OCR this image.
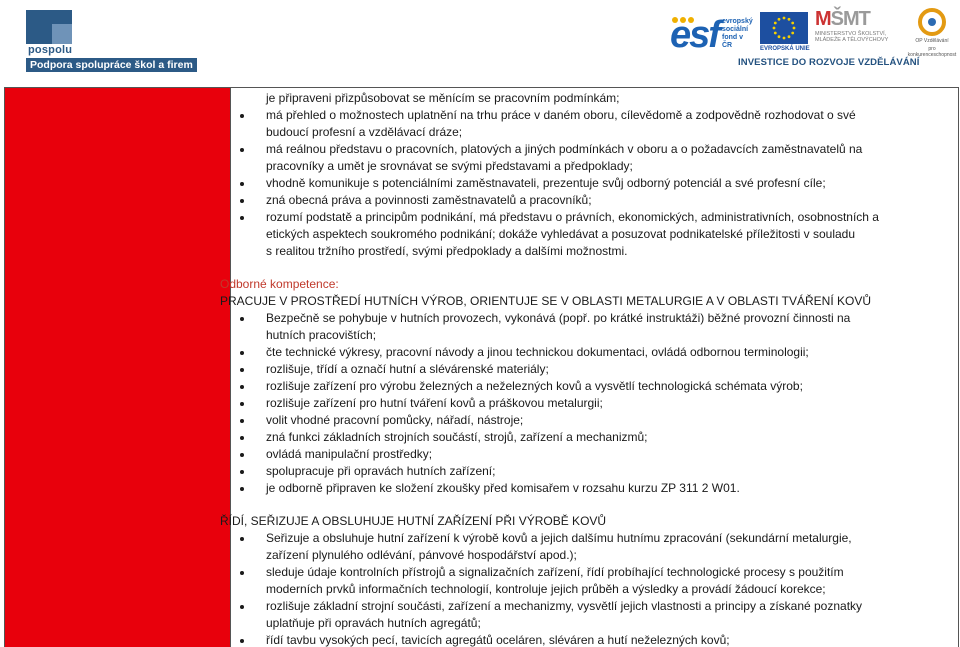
pospolu
Podpora spolupráce škol a firem
esf evropský
sociální
fond v ČR	EVROPSKÁ UNIE
MŠMT
MINISTERSTVO ŠKOLSTVÍ,
MLÁDEŽE A TĚLOVÝCHOVY	OP Vzdělávání
pro konkurenceschopnost
INVESTICE DO ROZVOJE VZDĚLÁVÁNÍ
je připraveni přizpůsobovat se měnícím se pracovním podmínkám;
má přehled o možnostech uplatnění na trhu práce v daném oboru, cílevědomě a zodpovědně rozhodovat o své
budoucí profesní a vzdělávací dráze;
má reálnou představu o pracovních, platových a jiných podmínkách v oboru a o požadavcích zaměstnavatelů na
pracovníky a umět je srovnávat se svými představami a předpoklady;
vhodně komunikuje s potenciálními zaměstnavateli, prezentuje svůj odborný potenciál a své profesní cíle;
zná obecná práva a povinnosti zaměstnavatelů a pracovníků;
rozumí podstatě a principům podnikání, má představu o právních, ekonomických, administrativních, osobnostních a
etických aspektech soukromého podnikání; dokáže vyhledávat a posuzovat podnikatelské příležitosti v souladu
s realitou tržního prostředí, svými předpoklady a dalšími možnostmi.
Odborné kompetence:
PRACUJE V PROSTŘEDÍ HUTNÍCH VÝROB, ORIENTUJE SE V OBLASTI METALURGIE A V OBLASTI TVÁŘENÍ KOVŮ
Bezpečně se pohybuje v hutních provozech, vykonává (popř. po krátké instruktáži) běžné provozní činnosti na
hutních pracovištích;
čte technické výkresy, pracovní návody a jinou technickou dokumentaci, ovládá odbornou terminologii;
rozlišuje, třídí a označí hutní a slévárenské materiály;
rozlišuje zařízení pro výrobu železných a neželezných kovů a vysvětlí technologická schémata výrob;
rozlišuje zařízení pro hutní tváření kovů a práškovou metalurgii;
volit vhodné pracovní pomůcky, nářadí, nástroje;
zná funkci základních strojních součástí, strojů, zařízení a mechanizmů;
ovládá manipulační prostředky;
spolupracuje při opravách hutních zařízení;
je odborně připraven ke složení zkoušky před komisařem v rozsahu kurzu ZP 311 2 W01.
ŘÍDÍ, SEŘIZUJE A OBSLUHUJE HUTNÍ ZAŘÍZENÍ PŘI VÝROBĚ KOVŮ
Seřizuje a obsluhuje hutní zařízení k výrobě kovů a jejich dalšímu hutnímu zpracování (sekundární metalurgie,
zařízení plynulého odlévání, pánvové hospodářství apod.);
sleduje údaje kontrolních přístrojů a signalizačních zařízení, řídí probíhající technologické procesy s použitím
moderních prvků informačních technologií, kontroluje jejich průběh a výsledky a provádí žádoucí korekce;
rozlišuje základní strojní součásti, zařízení a mechanizmy, vysvětlí jejich vlastnosti a principy a získané poznatky
uplatňuje při opravách hutních agregátů;
řídí tavbu vysokých pecí, tavicích agregátů oceláren, sléváren a hutí neželezných kovů;
